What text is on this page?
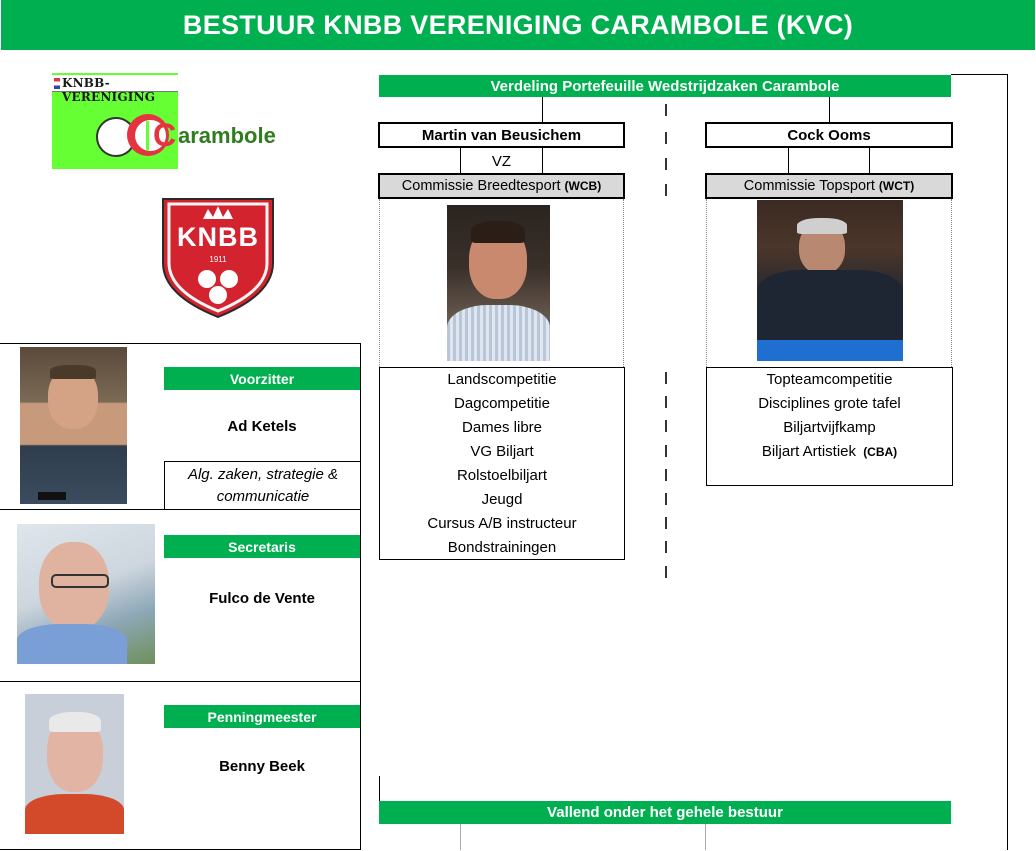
BESTUUR KNBB VERENIGING CARAMBOLE (KVC)
KNBB-VERENIGING
C arambole
KNBB
1911
Voorzitter
Ad Ketels
Alg. zaken, strategie & communicatie
Secretaris
Fulco de Vente
Penningmeester
Benny Beek
Verdeling Portefeuille Wedstrijdzaken Carambole
Martin van Beusichem
VZ
Commissie Breedtesport (WCB)
Landscompetitie
Dagcompetitie
Dames libre
VG Biljart
Rolstoelbiljart
Jeugd
Cursus A/B instructeur
Bondstrainingen
Cock Ooms
Commissie Topsport (WCT)
Topteamcompetitie
Disciplines grote tafel
Biljartvijfkamp
Biljart Artistiek (CBA)
Vallend onder het gehele bestuur
